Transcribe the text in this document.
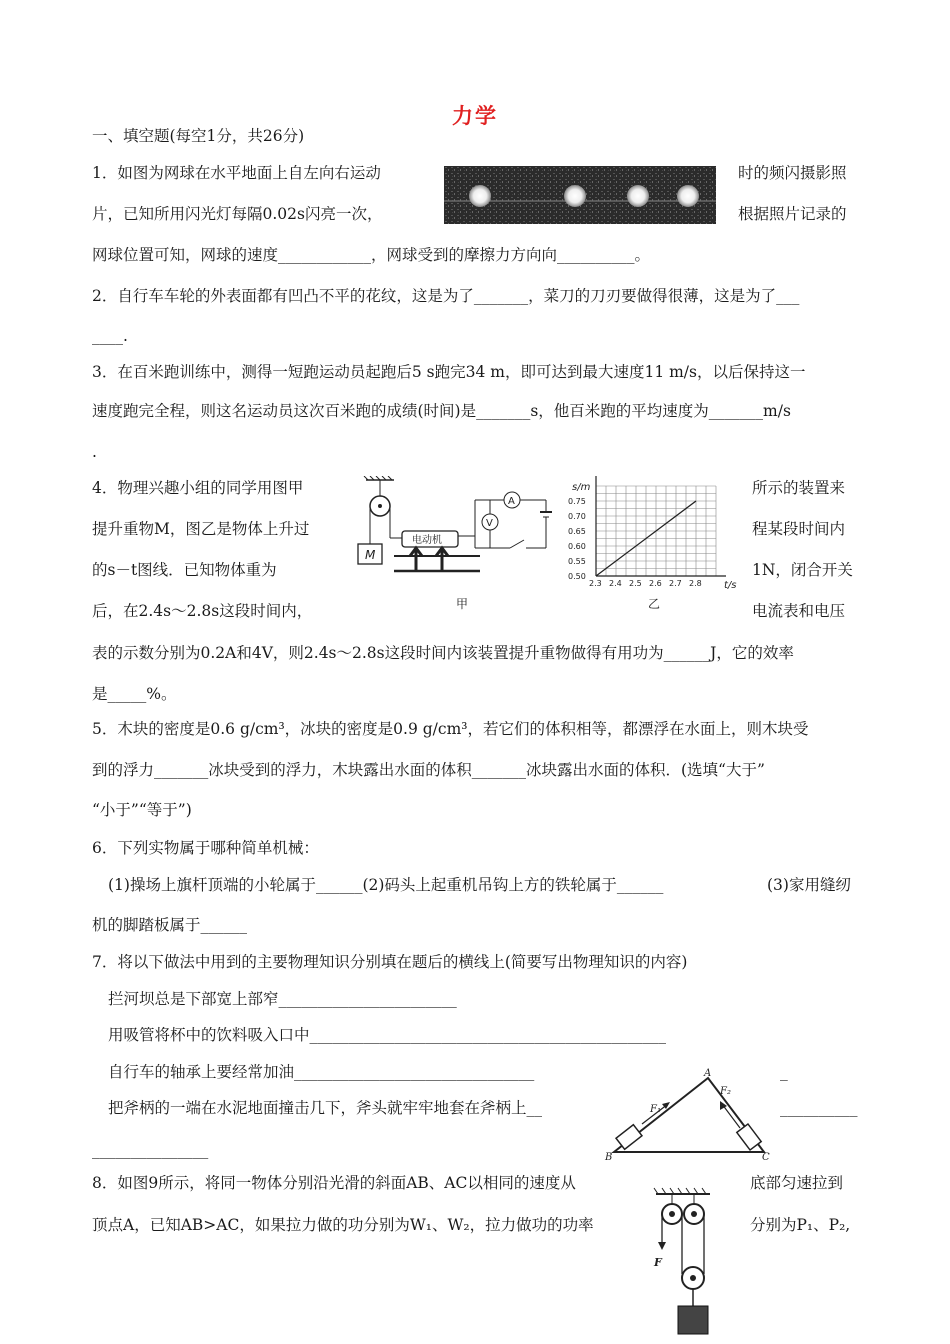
力学
一、填空题(每空1分，共26分)
1．如图为网球在水平地面上自左向右运动	时的频闪摄影照
片，已知所用闪光灯每隔0.02s闪亮一次，	根据照片记录的
网球位置可知，网球的速度____________，网球受到的摩擦力方向向__________。
2．自行车车轮的外表面都有凹凸不平的花纹，这是为了_______，菜刀的刀刃要做得很薄，这是为了___
____.
3．在百米跑训练中，测得一短跑运动员起跑后5 s跑完34 m，即可达到最大速度11 m/s，以后保持这一
速度跑完全程，则这名运动员这次百米跑的成绩(时间)是_______s，他百米跑的平均速度为_______m/s
.
4．物理兴趣小组的同学用图甲	所示的装置来
提升重物M，图乙是物体上升过	程某段时间内
的s－t图线．已知物体重为	1N，闭合开关
后，在2.4s～2.8s这段时间内，	电流表和电压
表的示数分别为0.2A和4V，则2.4s～2.8s这段时间内该装置提升重物做得有用功为______J，它的效率
是_____%。
M
电动机
A
V
甲
2.3 2.4 2.5 2.6 2.7 2.8
0.50
0.55
0.60
0.65
0.70
0.75
s/m
t/s
乙
5．木块的密度是0.6 g/cm³，冰块的密度是0.9 g/cm³，若它们的体积相等，都漂浮在水面上，则木块受
到的浮力_______冰块受到的浮力，木块露出水面的体积_______冰块露出水面的体积．(选填“大于”
“小于”“等于”)
6．下列实物属于哪种简单机械：
(1)操场上旗杆顶端的小轮属于______(2)码头上起重机吊钩上方的铁轮属于______	(3)家用缝纫
机的脚踏板属于______
7．将以下做法中用到的主要物理知识分别填在题后的横线上(简要写出物理知识的内容)
拦河坝总是下部宽上部窄_______________________
用吸管将杯中的饮料吸入口中______________________________________________
自行车的轴承上要经常加油_______________________________	_
把斧柄的一端在水泥地面撞击几下，斧头就牢牢地套在斧柄上__	__________
_______________
A
B	C
F₁
F₂
8．如图9所示，将同一物体分别沿光滑的斜面AB、AC以相同的速度从	底部匀速拉到
顶点A，已知AB>AC，如果拉力做的功分别为W₁、W₂，拉力做功的功率	分别为P₁、P₂,
F
